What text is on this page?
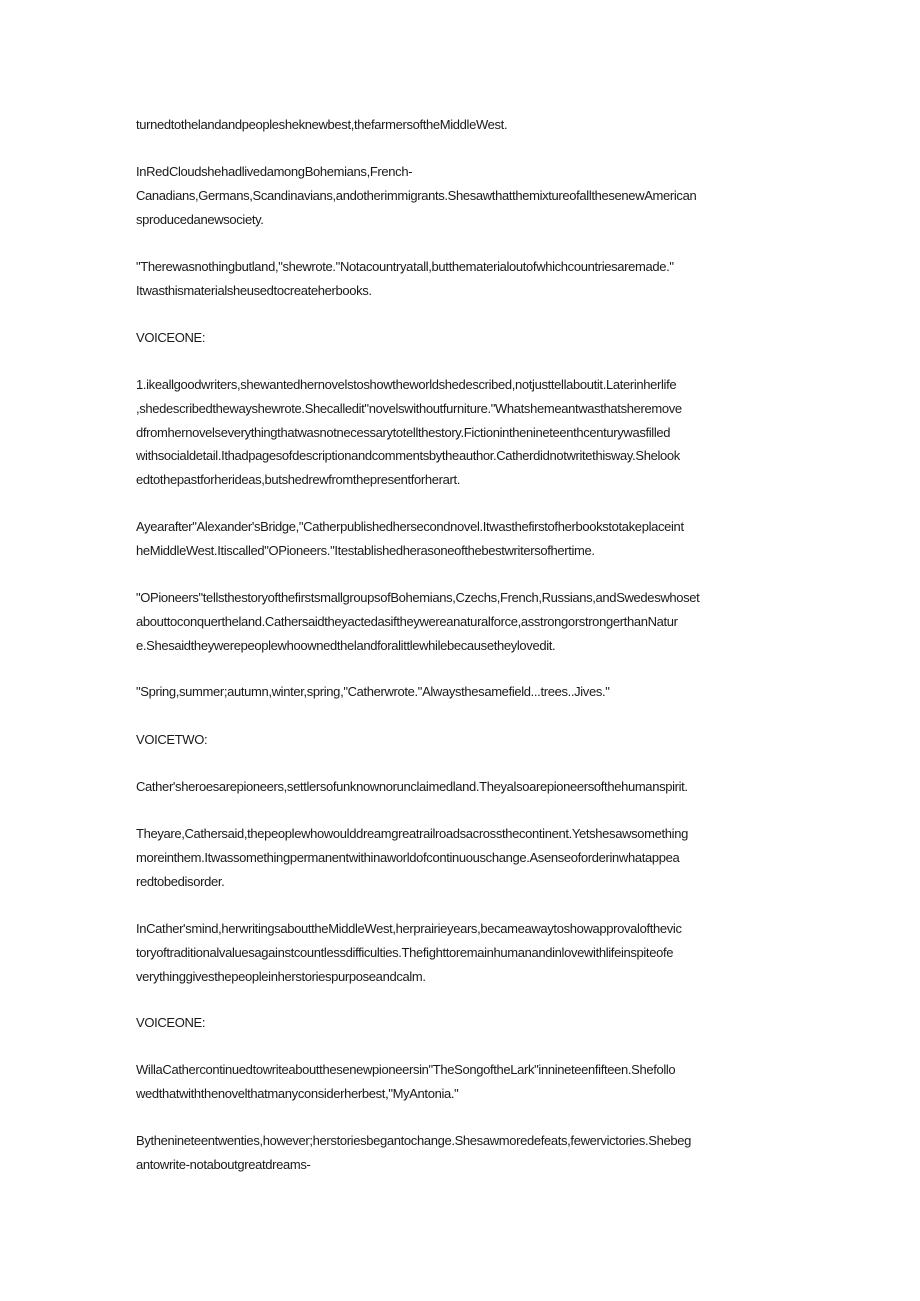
turnedtothelandandpeoplesheknewbest,thefarmersoftheMiddleWest.
InRedCloudshehadlivedamongBohemians,French-
Canadians,Germans,Scandinavians,andotherimmigrants.ShesawthatthemixtureofallthesenewAmerican
sproducedanewsociety.
"Therewasnothingbutland,"shewrote."Notacountryatall,butthematerialoutofwhichcountriesaremade."
Itwasthismaterialsheusedtocreateherbooks.
VOICEONE:
1.ikeallgoodwriters,shewantedhernovelstoshowtheworldshedescribed,notjusttellaboutit.Laterinherlife
,shedescribedthewayshewrote.Shecalledit"novelswithoutfurniture."Whatshemeantwasthatsheremove
dfromhernovelseverythingthatwasnotnecessarytotellthestory.Fictioninthenineteenthcenturywasfilled
withsocialdetail.Ithadpagesofdescriptionandcommentsbytheauthor.Catherdidnotwritethisway.Shelook
edtothepastforherideas,butshedrewfromthepresentforherart.
Ayearafter"Alexander'sBridge,"Catherpublishedhersecondnovel.Itwasthefirstofherbookstotakeplaceint
heMiddleWest.Itiscalled"OPioneers."Itestablishedherasoneofthebestwritersofhertime.
"OPioneers"tellsthestoryofthefirstsmallgroupsofBohemians,Czechs,French,Russians,andSwedeswhoset
abouttoconquertheland.Cathersaidtheyactedasiftheywereanaturalforce,asstrongorstrongerthanNatur
e.Shesaidtheywerepeoplewhoownedthelandforalittlewhilebecausetheylovedit.
"Spring,summer;autumn,winter,spring,"Catherwrote."Alwaysthesamefield...trees..Jives."
VOICETWO:
Cather'sheroesarepioneers,settlersofunknownorunclaimedland.Theyalsoarepioneersofthehumanspirit.
Theyare,Cathersaid,thepeoplewhowoulddreamgreatrailroadsacrossthecontinent.Yetshesawsomething
moreinthem.Itwassomethingpermanentwithinaworldofcontinuouschange.Asenseoforderinwhatappea
redtobedisorder.
InCather'smind,herwritingsabouttheMiddleWest,herprairieyears,becameawaytoshowapprovalofthevic
toryoftraditionalvaluesagainstcountlessdifficulties.Thefighttoremainhumanandinlovewithlifeinspiteofe
verythinggivesthepeopleinherstoriespurposeandcalm.
VOICEONE:
WillaCathercontinuedtowriteaboutthesenewpioneersin"TheSongoftheLark"innineteenfifteen.Shefollo
wedthatwiththenovelthatmanyconsiderherbest,"MyAntonia."
Bythenineteentwenties,however;herstoriesbegantochange.Shesawmoredefeats,fewervictories.Shebeg
antowrite-notaboutgreatdreams-
